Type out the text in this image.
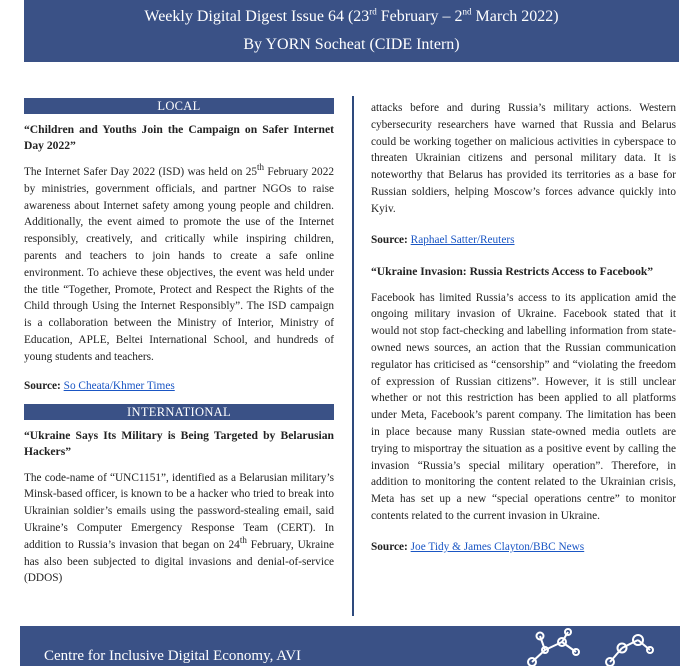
Weekly Digital Digest Issue 64 (23rd February – 2nd March 2022)
By YORN Socheat (CIDE Intern)
LOCAL
“Children and Youths Join the Campaign on Safer Internet Day 2022”

The Internet Safer Day 2022 (ISD) was held on 25th February 2022 by ministries, government officials, and partner NGOs to raise awareness about Internet safety among young people and children. Additionally, the event aimed to promote the use of the Internet responsibly, creatively, and critically while inspiring children, parents and teachers to join hands to create a safe online environment. To achieve these objectives, the event was held under the title “Together, Promote, Protect and Respect the Rights of the Child through Using the Internet Responsibly”. The ISD campaign is a collaboration between the Ministry of Interior, Ministry of Education, APLE, Beltei International School, and hundreds of young students and teachers.

Source: So Cheata/Khmer Times
INTERNATIONAL
“Ukraine Says Its Military is Being Targeted by Belarusian Hackers”

The code-name of “UNC1151”, identified as a Belarusian military’s Minsk-based officer, is known to be a hacker who tried to break into Ukrainian soldier’s emails using the password-stealing email, said Ukraine’s Computer Emergency Response Team (CERT). In addition to Russia’s invasion that began on 24th February, Ukraine has also been subjected to digital invasions and denial-of-service (DDOS)

attacks before and during Russia’s military actions. Western cybersecurity researchers have warned that Russia and Belarus could be working together on malicious activities in cyberspace to threaten Ukrainian citizens and personal military data. It is noteworthy that Belarus has provided its territories as a base for Russian soldiers, helping Moscow’s forces advance quickly into Kyiv.

Source: Raphael Satter/Reuters
“Ukraine Invasion: Russia Restricts Access to Facebook”

Facebook has limited Russia’s access to its application amid the ongoing military invasion of Ukraine. Facebook stated that it would not stop fact-checking and labelling information from state-owned news sources, an action that the Russian communication regulator has criticised as “censorship” and “violating the freedom of expression of Russian citizens”. However, it is still unclear whether or not this restriction has been applied to all platforms under Meta, Facebook’s parent company. The limitation has been in place because many Russian state-owned media outlets are trying to misportray the situation as a positive event by calling the invasion “Russia’s special military operation”. Therefore, in addition to monitoring the content related to the Ukrainian crisis, Meta has set up a new “special operations centre” to monitor contents related to the current invasion in Ukraine.

Source: Joe Tidy & James Clayton/BBC News
Centre for Inclusive Digital Economy, AVI
